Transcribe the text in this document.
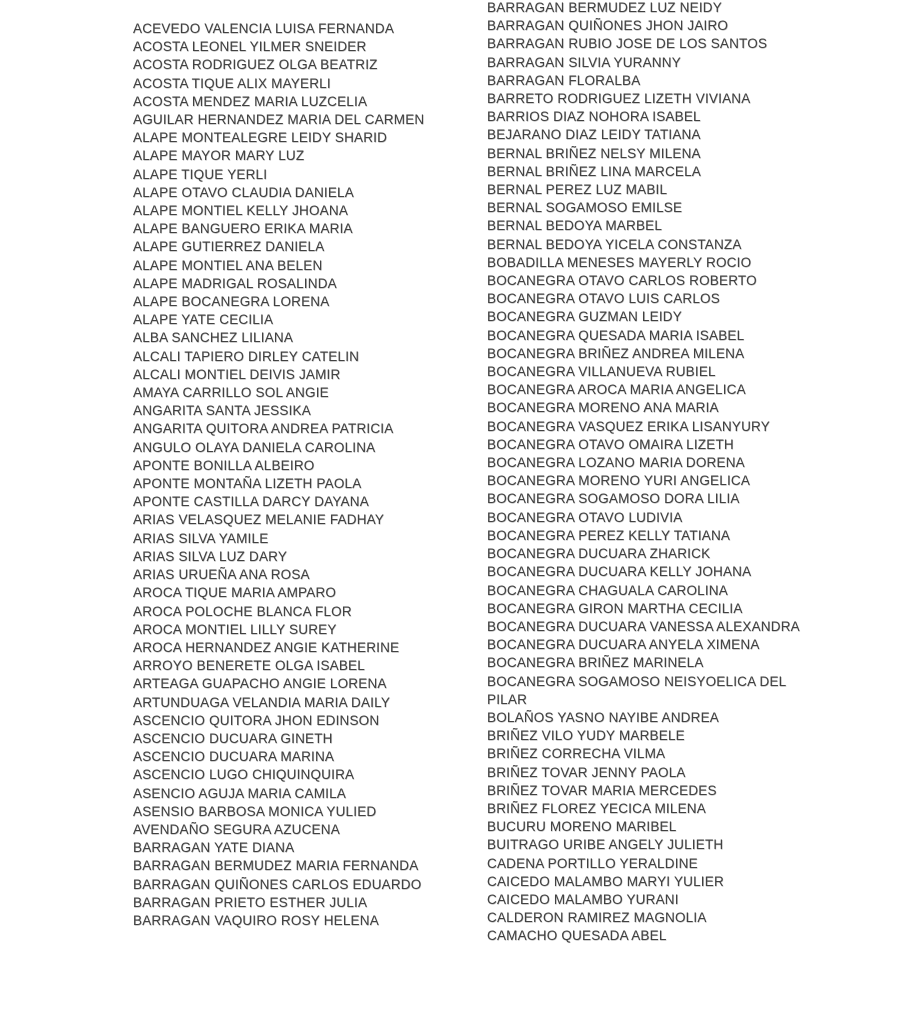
ACEVEDO VALENCIA LUISA FERNANDA
ACOSTA LEONEL YILMER SNEIDER
ACOSTA RODRIGUEZ OLGA BEATRIZ
ACOSTA TIQUE ALIX MAYERLI
ACOSTA MENDEZ MARIA LUZCELIA
AGUILAR HERNANDEZ MARIA DEL CARMEN
ALAPE MONTEALEGRE LEIDY SHARID
ALAPE MAYOR MARY LUZ
ALAPE TIQUE YERLI
ALAPE OTAVO CLAUDIA DANIELA
ALAPE MONTIEL KELLY JHOANA
ALAPE BANGUERO ERIKA MARIA
ALAPE GUTIERREZ DANIELA
ALAPE MONTIEL ANA BELEN
ALAPE MADRIGAL ROSALINDA
ALAPE BOCANEGRA LORENA
ALAPE YATE CECILIA
ALBA SANCHEZ LILIANA
ALCALI TAPIERO DIRLEY CATELIN
ALCALI MONTIEL DEIVIS JAMIR
AMAYA CARRILLO SOL ANGIE
ANGARITA SANTA JESSIKA
ANGARITA QUITORA ANDREA PATRICIA
ANGULO OLAYA DANIELA CAROLINA
APONTE BONILLA ALBEIRO
APONTE MONTAÑA LIZETH PAOLA
APONTE CASTILLA DARCY DAYANA
ARIAS VELASQUEZ MELANIE FADHAY
ARIAS SILVA YAMILE
ARIAS SILVA LUZ DARY
ARIAS URUEÑA ANA ROSA
AROCA TIQUE MARIA AMPARO
AROCA POLOCHE BLANCA FLOR
AROCA MONTIEL LILLY SUREY
AROCA HERNANDEZ ANGIE KATHERINE
ARROYO BENERETE OLGA ISABEL
ARTEAGA GUAPACHO ANGIE LORENA
ARTUNDUAGA VELANDIA MARIA DAILY
ASCENCIO QUITORA JHON EDINSON
ASCENCIO DUCUARA GINETH
ASCENCIO DUCUARA MARINA
ASCENCIO LUGO CHIQUINQUIRA
ASENCIO AGUJA MARIA CAMILA
ASENSIO BARBOSA MONICA YULIED
AVENDAÑO SEGURA AZUCENA
BARRAGAN YATE DIANA
BARRAGAN BERMUDEZ MARIA FERNANDA
BARRAGAN QUIÑONES CARLOS EDUARDO
BARRAGAN PRIETO ESTHER JULIA
BARRAGAN VAQUIRO ROSY HELENA
BARRAGAN BERMUDEZ LUZ NEIDY
BARRAGAN QUIÑONES JHON JAIRO
BARRAGAN RUBIO JOSE DE LOS SANTOS
BARRAGAN SILVIA YURANNY
BARRAGAN FLORALBA
BARRETO RODRIGUEZ LIZETH VIVIANA
BARRIOS DIAZ NOHORA ISABEL
BEJARANO DIAZ LEIDY TATIANA
BERNAL BRIÑEZ NELSY MILENA
BERNAL BRIÑEZ LINA MARCELA
BERNAL PEREZ LUZ MABIL
BERNAL SOGAMOSO EMILSE
BERNAL BEDOYA MARBEL
BERNAL BEDOYA YICELA CONSTANZA
BOBADILLA MENESES MAYERLY ROCIO
BOCANEGRA OTAVO CARLOS ROBERTO
BOCANEGRA OTAVO LUIS CARLOS
BOCANEGRA GUZMAN LEIDY
BOCANEGRA QUESADA MARIA ISABEL
BOCANEGRA BRIÑEZ ANDREA MILENA
BOCANEGRA VILLANUEVA RUBIEL
BOCANEGRA AROCA MARIA ANGELICA
BOCANEGRA MORENO ANA MARIA
BOCANEGRA VASQUEZ ERIKA LISANYURY
BOCANEGRA OTAVO OMAIRA LIZETH
BOCANEGRA LOZANO MARIA DORENA
BOCANEGRA MORENO YURI ANGELICA
BOCANEGRA SOGAMOSO DORA LILIA
BOCANEGRA OTAVO LUDIVIA
BOCANEGRA PEREZ KELLY TATIANA
BOCANEGRA DUCUARA ZHARICK
BOCANEGRA DUCUARA KELLY JOHANA
BOCANEGRA CHAGUALA CAROLINA
BOCANEGRA GIRON MARTHA CECILIA
BOCANEGRA DUCUARA VANESSA ALEXANDRA
BOCANEGRA DUCUARA ANYELA XIMENA
BOCANEGRA BRIÑEZ MARINELA
BOCANEGRA SOGAMOSO NEISYOELICA DEL PILAR
BOLAÑOS YASNO NAYIBE ANDREA
BRIÑEZ VILO YUDY MARBELE
BRIÑEZ CORRECHA VILMA
BRIÑEZ TOVAR JENNY PAOLA
BRIÑEZ TOVAR MARIA MERCEDES
BRIÑEZ FLOREZ YECICA MILENA
BUCURU MORENO MARIBEL
BUITRAGO URIBE ANGELY JULIETH
CADENA PORTILLO YERALDINE
CAICEDO MALAMBO MARYI YULIER
CAICEDO MALAMBO YURANI
CALDERON RAMIREZ MAGNOLIA
CAMACHO QUESADA ABEL
